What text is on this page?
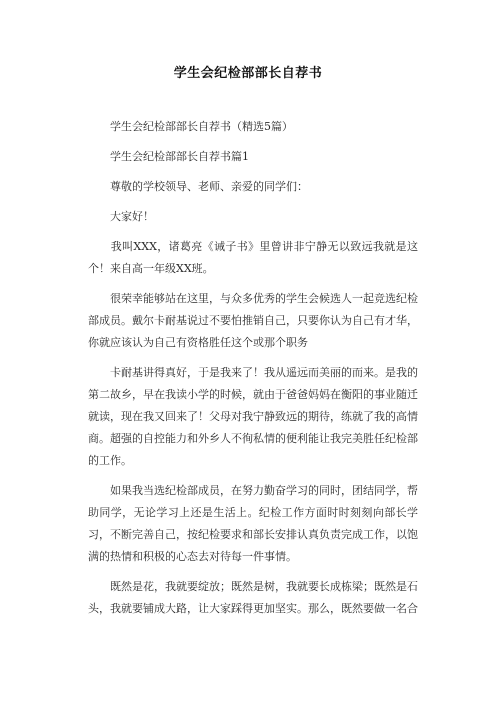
学生会纪检部部长自荐书

　　学生会纪检部部长自荐书（精选5篇）

　　学生会纪检部部长自荐书篇1

　　尊敬的学校领导、老师、亲爱的同学们：

　　大家好！

　　我叫XXX，诸葛亮《诫子书》里曾讲非宁静无以致远我就是这个！来自高一年级XX班。

　　很荣幸能够站在这里，与众多优秀的学生会候选人一起竞选纪检部成员。戴尔卡耐基说过不要怕推销自己，只要你认为自己有才华，你就应该认为自己有资格胜任这个或那个职务

　　卡耐基讲得真好，于是我来了！我从遥远而美丽的而来。是我的第二故乡，早在我读小学的时候，就由于爸爸妈妈在衡阳的事业随迁就读，现在我又回来了！父母对我宁静致远的期待，练就了我的高情商。超强的自控能力和外乡人不徇私情的便利能让我完美胜任纪检部的工作。

　　如果我当选纪检部成员，在努力勤奋学习的同时，团结同学，帮助同学，无论学习上还是生活上。纪检工作方面时时刻刻向部长学习，不断完善自己，按纪检要求和部长安排认真负责完成工作，以饱满的热情和积极的心态去对待每一件事情。

　　既然是花，我就要绽放；既然是树，我就要长成栋梁；既然是石头，我就要铺成大路，让大家踩得更加坚实。那么，既然要做一名合
